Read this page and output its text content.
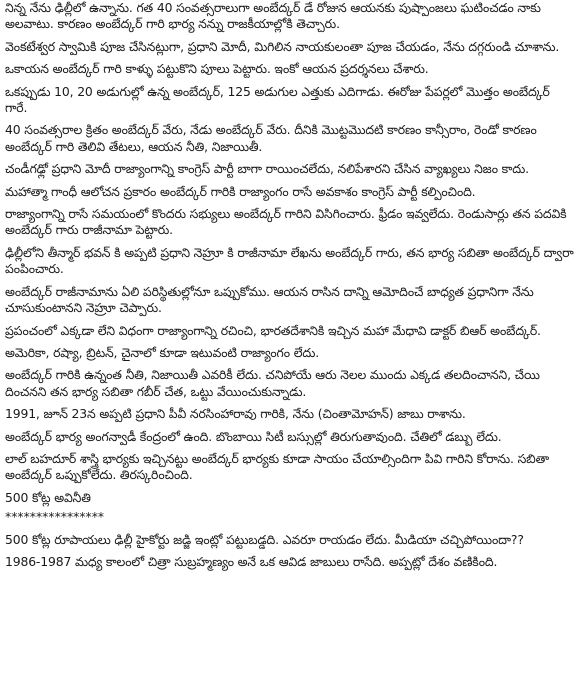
నిన్న నేను ఢిల్లీలో ఉన్నాను. గత 40 సంవత్సరాలుగా అంబేద్కర్ డే రోజున ఆయనకు పుష్పాంజలు ఘటించడం నాకు అలవాటు. కారణం అంబేద్కర్ గారి భార్య నన్ను రాజకీయాల్లోకి తెచ్చారు.

వెంకటేశ్వర స్వామికి పూజ చేసినట్లుగా, ప్రధాని మోదీ, మిగిలిన నాయకులంతా పూజ చేయడం, నేను దగ్గరుండి చూశాను.

ఒకాయన అంబేద్కర్ గారి కాళ్ళు పట్టుకొని పూలు పెట్టారు. ఇంకో ఆయన ప్రదర్శనలు చేశారు.

ఒకప్పుడు 10, 20 అడుగుల్లో ఉన్న అంబేద్కర్, 125 అడుగుల ఎత్తుకు ఎదిగాడు. ఈరోజు పేపర్లలో మొత్తం అంబేద్కర్ గారే.

40 సంవత్సరాల క్రితం అంబేద్కర్ వేరు, నేడు అంబేద్కర్ వేరు. దీనికి మొట్టమొదటి కారణం కాన్సీరాం, రెండో కారణం అంబేద్కర్ గారి తెలివి తేటలు, ఆయన నీతి, నిజాయితీ.

చండీగఢ్లో ప్రధాని మోదీ రాజ్యాంగాన్ని కాంగ్రెస్ పార్టీ బాగా రాయించలేదు, నలిపేశారని చేసిన వ్యాఖ్యలు నిజం కాదు.

మహాత్మా గాంధీ ఆలోచన ప్రకారం అంబేద్కర్ గారికి రాజ్యాంగం రాసే అవకాశం కాంగ్రెస్ పార్టీ కల్పించింది.

రాజ్యాంగాన్ని రాసే సమయంలో కొందరు సభ్యులు అంబేద్కర్ గారిని విసిగించారు. ఫ్రీడం ఇవ్వలేదు. రెండుసార్లు తన పదవికి అంబేద్కర్ గారు రాజీనామా పెట్టారు.

ఢిల్లీలోని తీన్మార్ భవన్ కి అప్పటి ప్రధాని నెహ్రూ కి రాజీనామా లేఖను అంబేద్కర్ గారు, తన భార్య సబితా అంబేద్కర్ ద్వారా పంపించారు.

అంబేద్కర్ రాజీనామాను ఏలి పరిస్థితుల్లోనూ ఒప్పుకోము. ఆయన రాసిన దాన్ని ఆమోదించే బాధ్యత ప్రధానిగా నేను చూసుకుంటానని నెహ్రూ చెప్పారు.

ప్రపంచంలో ఎక్కడా లేని విధంగా రాజ్యాంగాన్ని రచించి, భారతదేశానికి ఇచ్చిన మహా మేధావి డాక్టర్ బిఆర్ అంబేద్కర్.

అమెరికా, రష్యా, బ్రిటన్, చైనాలో కూడా ఇటువంటి రాజ్యాంగం లేదు.

అంబేద్కర్ గారికి ఉన్నంత నీతి, నిజాయితీ ఎవరికీ లేదు. చనిపోయే ఆరు నెలల ముందు ఎక్కడ తలదించానని, చేయి దించనని తన భార్య సబితా గబీర్ చేత, ఒట్టు వేయించుకున్నాడు.

1991, జూన్ 23న అప్పటి ప్రధాని పీవీ నరసింహారావు గారికి, నేను (చింతామోహన్) జాబు రాశాను.

అంబేద్కర్ భార్య అంగన్వాడీ కేంద్రంలో ఉంది. బొంబాయి సిటీ బస్సుల్లో తిరుగుతావుంది. చేతిలో డబ్బు లేదు.

లాల్ బహదూర్ శాస్త్రి భార్యకు ఇచ్చినట్టు అంబేద్కర్ భార్యకు కూడా సాయం చేయాల్సిందిగా పివి గారిని కోరాను. సబితా అంబేద్కర్ ఒప్పుకోలేదు. తిరస్కరించింది.

500 కోట్ల అవినీతి

****************

500 కోట్ల రూపాయలు ఢిల్లీ హైకోర్టు జడ్జి ఇంట్లో పట్టుబడ్డది. ఎవరూ రాయడం లేదు. మీడియా చచ్చిపోయిందా??

1986-1987 మధ్య కాలంలో చిత్రా సుబ్రహ్మణ్యం అనే ఒక ఆవిడ జాబులు రాసేది. అప్పట్లో దేశం వణికింది.
